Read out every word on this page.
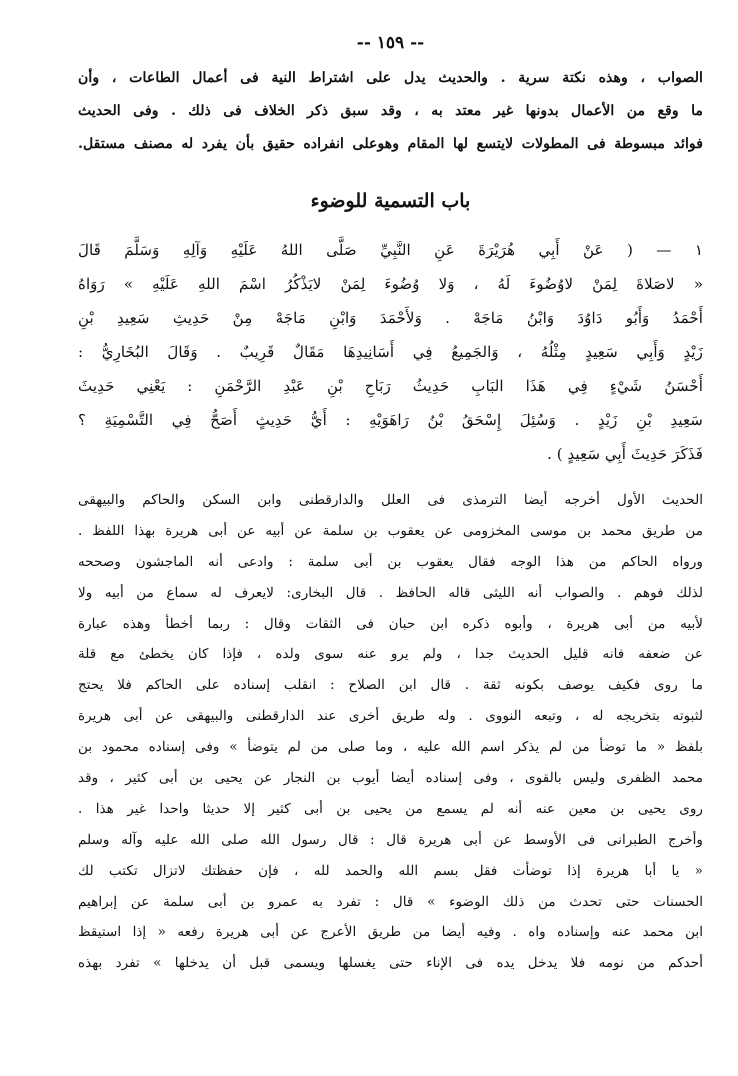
-- ١٥٩ --
الصواب ، وهذه نكتة سرية . والحديث يدل على اشتراط النية فى أعمال الطاعات ، وأن
ما وقع من الأعمال بدونها غير معتد به ، وقد سبق ذكر الخلاف فى ذلك . وفى الحديث
فوائد مبسوطة فى المطولات لايتسع لها المقام وهوعلى انفراده حقيق بأن يفرد له مصنف مستقل.
باب التسمية للوضوء
١ — ( عَنْ أَبِي هُرَيْرَةَ عَنِ النَّبِيِّ صَلَّى اللهُ عَلَيْهِ وَآلِهِ وَسَلَّمَ قَالَ
« لاصَلاةَ لِمَنْ لاوُضُوءَ لَهُ ، وَلا وُضُوءَ لِمَنْ لايَذْكُرُ اسْمَ اللهِ عَلَيْهِ » رَوَاهُ
أَحْمَدُ وَأَبُو دَاوُدَ وَابْنُ مَاجَهْ . وَلأَحْمَدَ وَابْنِ مَاجَهْ مِنْ حَدِيثِ سَعِيدِ بْنِ
زَيْدٍ وَأَبِي سَعِيدٍ مِثْلُهُ ، وَالجَمِيعُ فِي أَسَانِيدِهَا مَقَالٌ قَرِيبٌ . وَقَالَ البُخَارِيُّ :
أَحْسَنُ شَيْءٍ فِي هَذَا البَابِ حَدِيثُ رَبَاحِ بْنِ عَبْدِ الرَّحْمَنِ : يَعْنِي حَدِيثَ
سَعِيدِ بْنِ زَيْدٍ . وَسُئِلَ إِسْحَقُ بْنُ رَاهَوَيْهِ : أَيُّ حَدِيثٍ أَصَحُّ فِي التَّسْمِيَةِ ؟
فَذَكَرَ حَدِيثَ أَبِي سَعِيدٍ ) .
الحديث الأول أخرجه أيضا الترمذى فى العلل والدارقطنى وابن السكن والحاكم والبيهقى
من طريق محمد بن موسى المخزومى عن يعقوب بن سلمة عن أبيه عن أبى هريرة بهذا اللفظ .
ورواه الحاكم من هذا الوجه فقال يعقوب بن أبى سلمة : وادعى أنه الماجشون وصححه
لذلك فوهم . والصواب أنه الليثى قاله الحافظ . قال البخارى: لايعرف له سماع من أبيه ولا
لأبيه من أبى هريرة ، وأبوه ذكره ابن حبان فى الثقات وقال : ربما أخطأ وهذه عبارة
عن ضعفه فانه قليل الحديث جدا ، ولم يرو عنه سوى ولده ، فإذا كان يخطئ مع قلة
ما روى فكيف يوصف بكونه ثقة . قال ابن الصلاح : انقلب إسناده على الحاكم فلا يحتج
لثبوته بتخريجه له ، وتبعه النووى . وله طريق أخرى عند الدارقطنى والبيهقى عن أبى هريرة
بلفظ « ما توضأ من لم يذكر اسم الله عليه ، وما صلى من لم يتوضأ » وفى إسناده محمود بن
محمد الظفرى وليس بالقوى ، وفى إسناده أيضا أيوب بن النجار عن يحيى بن أبى كثير ، وقد
روى يحيى بن معين عنه أنه لم يسمع من يحيى بن أبى كثير إلا حديثا واحدا غير هذا .
وأخرج الطبرانى فى الأوسط عن أبى هريرة قال : قال رسول الله صلى الله عليه وآله وسلم
« يا أبا هريرة إذا توضأت فقل بسم الله والحمد لله ، فإن حفظتك لاتزال تكتب لك
الحسنات حتى تحدث من ذلك الوضوء » قال : تفرد به عمرو بن أبى سلمة عن إبراهيم
ابن محمد عنه وإسناده واه . وفيه أيضا من طريق الأعرج عن أبى هريرة رفعه « إذا استيقظ
أحدكم من نومه فلا يدخل يده فى الإناء حتى يغسلها ويسمى قبل أن يدخلها » تفرد بهذه
